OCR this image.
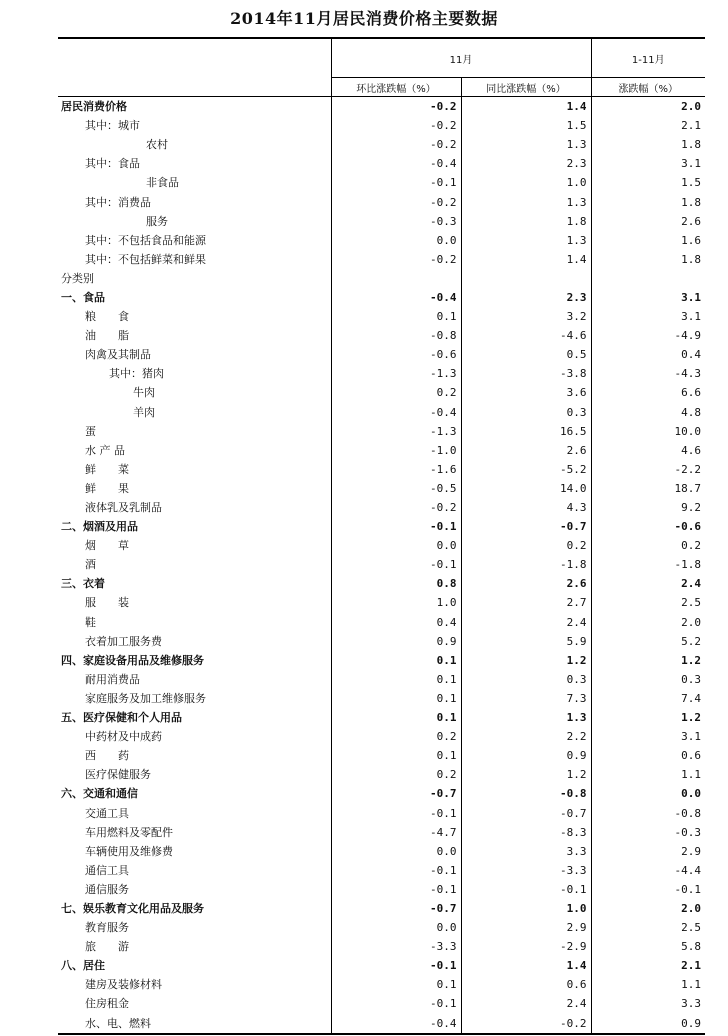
2014年11月居民消费价格主要数据
	11月		1-11月
	环比涨跌幅（%）	同比涨跌幅（%）	涨跌幅（%）
居民消费价格	-0.2	1.4	2.0
其中：城市	-0.2	1.5	2.1
农村	-0.2	1.3	1.8
其中：食品	-0.4	2.3	3.1
非食品	-0.1	1.0	1.5
其中：消费品	-0.2	1.3	1.8
服务	-0.3	1.8	2.6
其中：不包括食品和能源	0.0	1.3	1.6
其中：不包括鲜菜和鲜果	-0.2	1.4	1.8
分类别			
一、食品	-0.4	2.3	3.1
粮　　食	0.1	3.2	3.1
油　　脂	-0.8	-4.6	-4.9
肉禽及其制品	-0.6	0.5	0.4
其中：猪肉	-1.3	-3.8	-4.3
牛肉	0.2	3.6	6.6
羊肉	-0.4	0.3	4.8
蛋	-1.3	16.5	10.0
水 产 品	-1.0	2.6	4.6
鲜　　菜	-1.6	-5.2	-2.2
鲜　　果	-0.5	14.0	18.7
液体乳及乳制品	-0.2	4.3	9.2
二、烟酒及用品	-0.1	-0.7	-0.6
烟　　草	0.0	0.2	0.2
酒	-0.1	-1.8	-1.8
三、衣着	0.8	2.6	2.4
服　　装	1.0	2.7	2.5
鞋	0.4	2.4	2.0
衣着加工服务费	0.9	5.9	5.2
四、家庭设备用品及维修服务	0.1	1.2	1.2
耐用消费品	0.1	0.3	0.3
家庭服务及加工维修服务	0.1	7.3	7.4
五、医疗保健和个人用品	0.1	1.3	1.2
中药材及中成药	0.2	2.2	3.1
西　　药	0.1	0.9	0.6
医疗保健服务	0.2	1.2	1.1
六、交通和通信	-0.7	-0.8	0.0
交通工具	-0.1	-0.7	-0.8
车用燃料及零配件	-4.7	-8.3	-0.3
车辆使用及维修费	0.0	3.3	2.9
通信工具	-0.1	-3.3	-4.4
通信服务	-0.1	-0.1	-0.1
七、娱乐教育文化用品及服务	-0.7	1.0	2.0
教育服务	0.0	2.9	2.5
旅　　游	-3.3	-2.9	5.8
八、居住	-0.1	1.4	2.1
建房及装修材料	0.1	0.6	1.1
住房租金	-0.1	2.4	3.3
水、电、燃料	-0.4	-0.2	0.9
